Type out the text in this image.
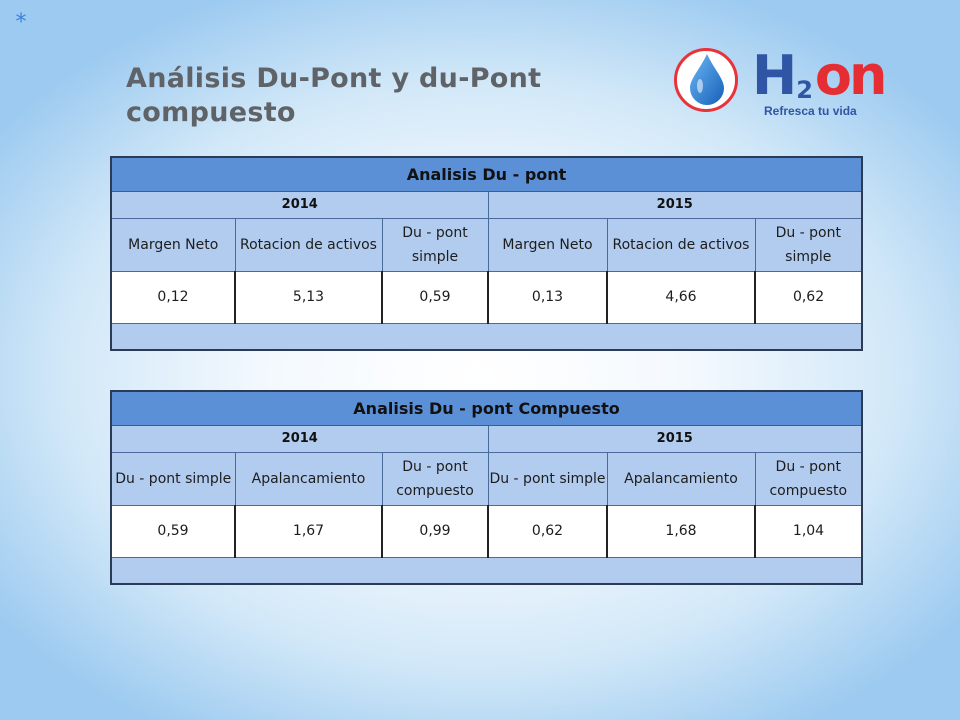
*
Análisis Du-Pont y du-Pont compuesto
H2on
Refresca tu vida
Analisis Du - pont					
2014			2015		
Margen Neto	Rotacion de activos	Du - pont simple	Margen Neto	Rotacion de activos	Du - pont simple
0,12	5,13	0,59	0,13	4,66	0,62

Analisis Du - pont Compuesto					
2014			2015		
Du - pont simple	Apalancamiento	Du - pont compuesto	Du - pont simple	Apalancamiento	Du - pont compuesto
0,59	1,67	0,99	0,62	1,68	1,04
